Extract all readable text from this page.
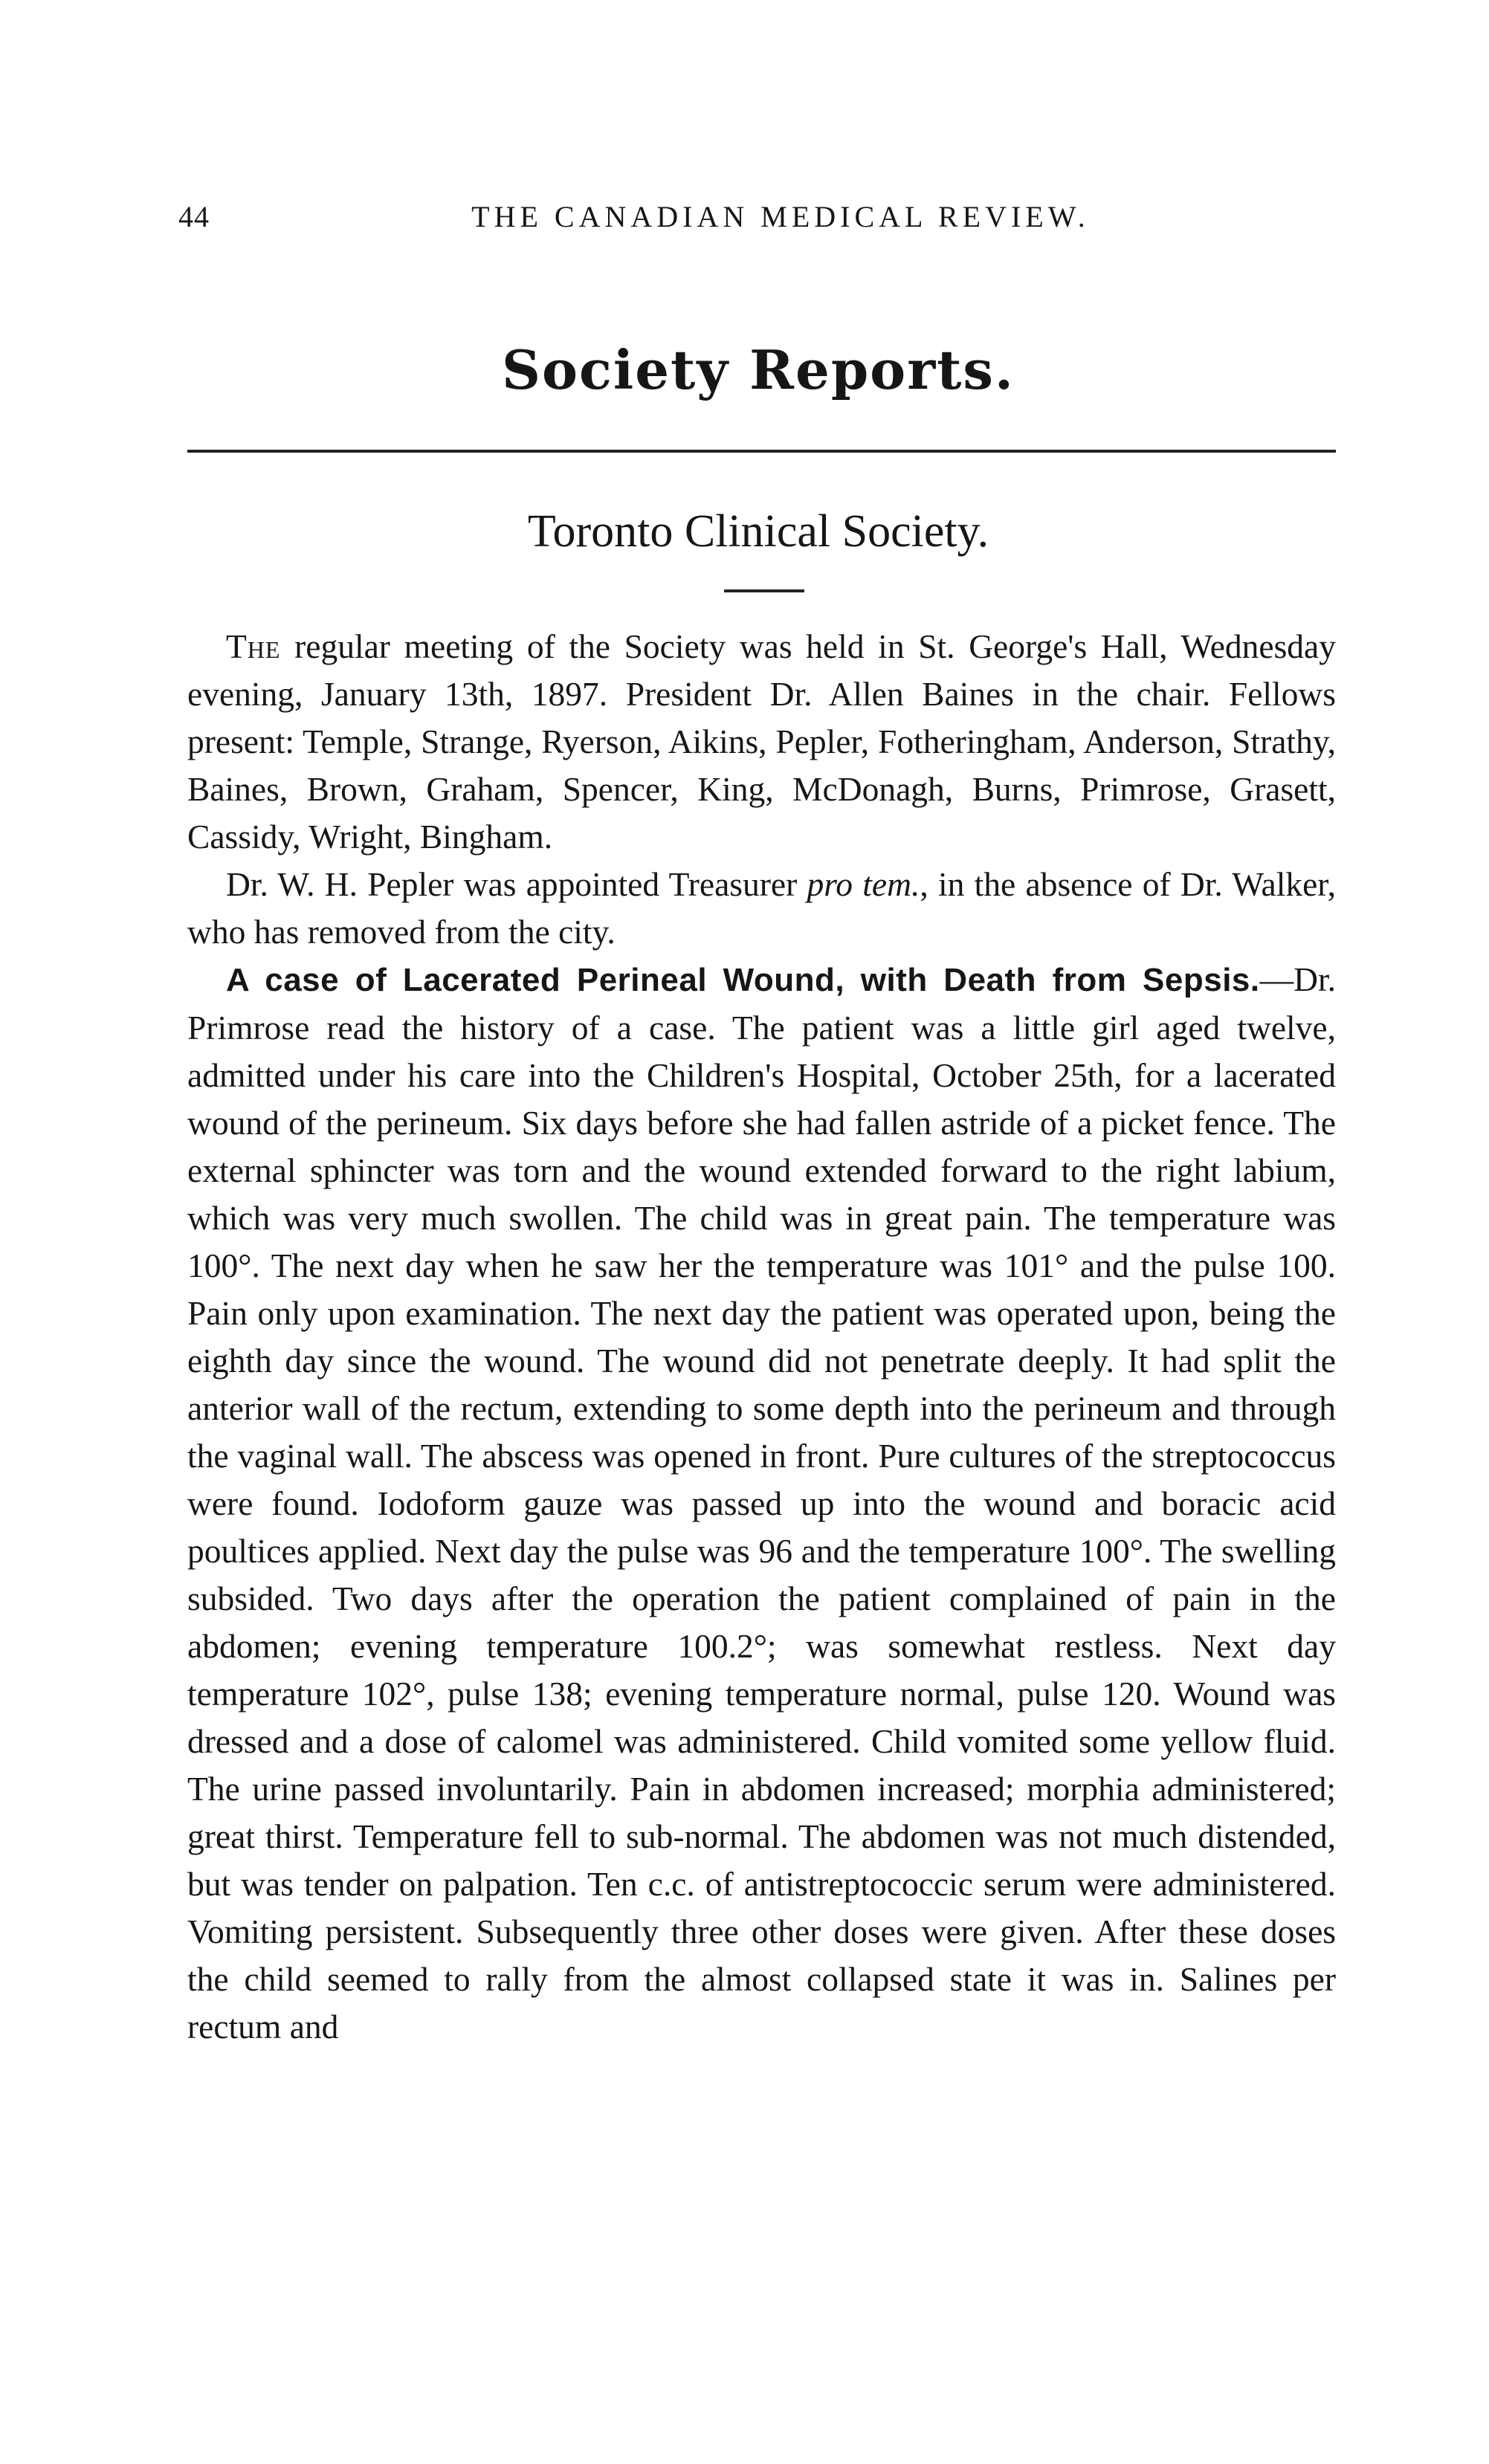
44	THE CANADIAN MEDICAL REVIEW.
Society Reports.
Toronto Clinical Society.

The regular meeting of the Society was held in St. George's Hall, Wednesday evening, January 13th, 1897. President Dr. Allen Baines in the chair. Fellows present: Temple, Strange, Ryerson, Aikins, Pepler, Fotheringham, Anderson, Strathy, Baines, Brown, Graham, Spencer, King, McDonagh, Burns, Primrose, Grasett, Cassidy, Wright, Bingham.

Dr. W. H. Pepler was appointed Treasurer pro tem., in the absence of Dr. Walker, who has removed from the city.

A case of Lacerated Perineal Wound, with Death from Sepsis.—Dr. Primrose read the history of a case. The patient was a little girl aged twelve, admitted under his care into the Children's Hospital, October 25th, for a lacerated wound of the perineum. Six days before she had fallen astride of a picket fence. The external sphincter was torn and the wound extended forward to the right labium, which was very much swollen. The child was in great pain. The temperature was 100°. The next day when he saw her the temperature was 101° and the pulse 100. Pain only upon examination. The next day the patient was operated upon, being the eighth day since the wound. The wound did not penetrate deeply. It had split the anterior wall of the rectum, extending to some depth into the perineum and through the vaginal wall. The abscess was opened in front. Pure cultures of the streptococcus were found. Iodoform gauze was passed up into the wound and boracic acid poultices applied. Next day the pulse was 96 and the temperature 100°. The swelling subsided. Two days after the operation the patient complained of pain in the abdomen; evening temperature 100.2°; was somewhat restless. Next day temperature 102°, pulse 138; evening temperature normal, pulse 120. Wound was dressed and a dose of calomel was administered. Child vomited some yellow fluid. The urine passed involuntarily. Pain in abdomen increased; morphia administered; great thirst. Temperature fell to sub-normal. The abdomen was not much distended, but was tender on palpation. Ten c.c. of antistreptococcic serum were administered. Vomiting persistent. Subsequently three other doses were given. After these doses the child seemed to rally from the almost collapsed state it was in. Salines per rectum and
